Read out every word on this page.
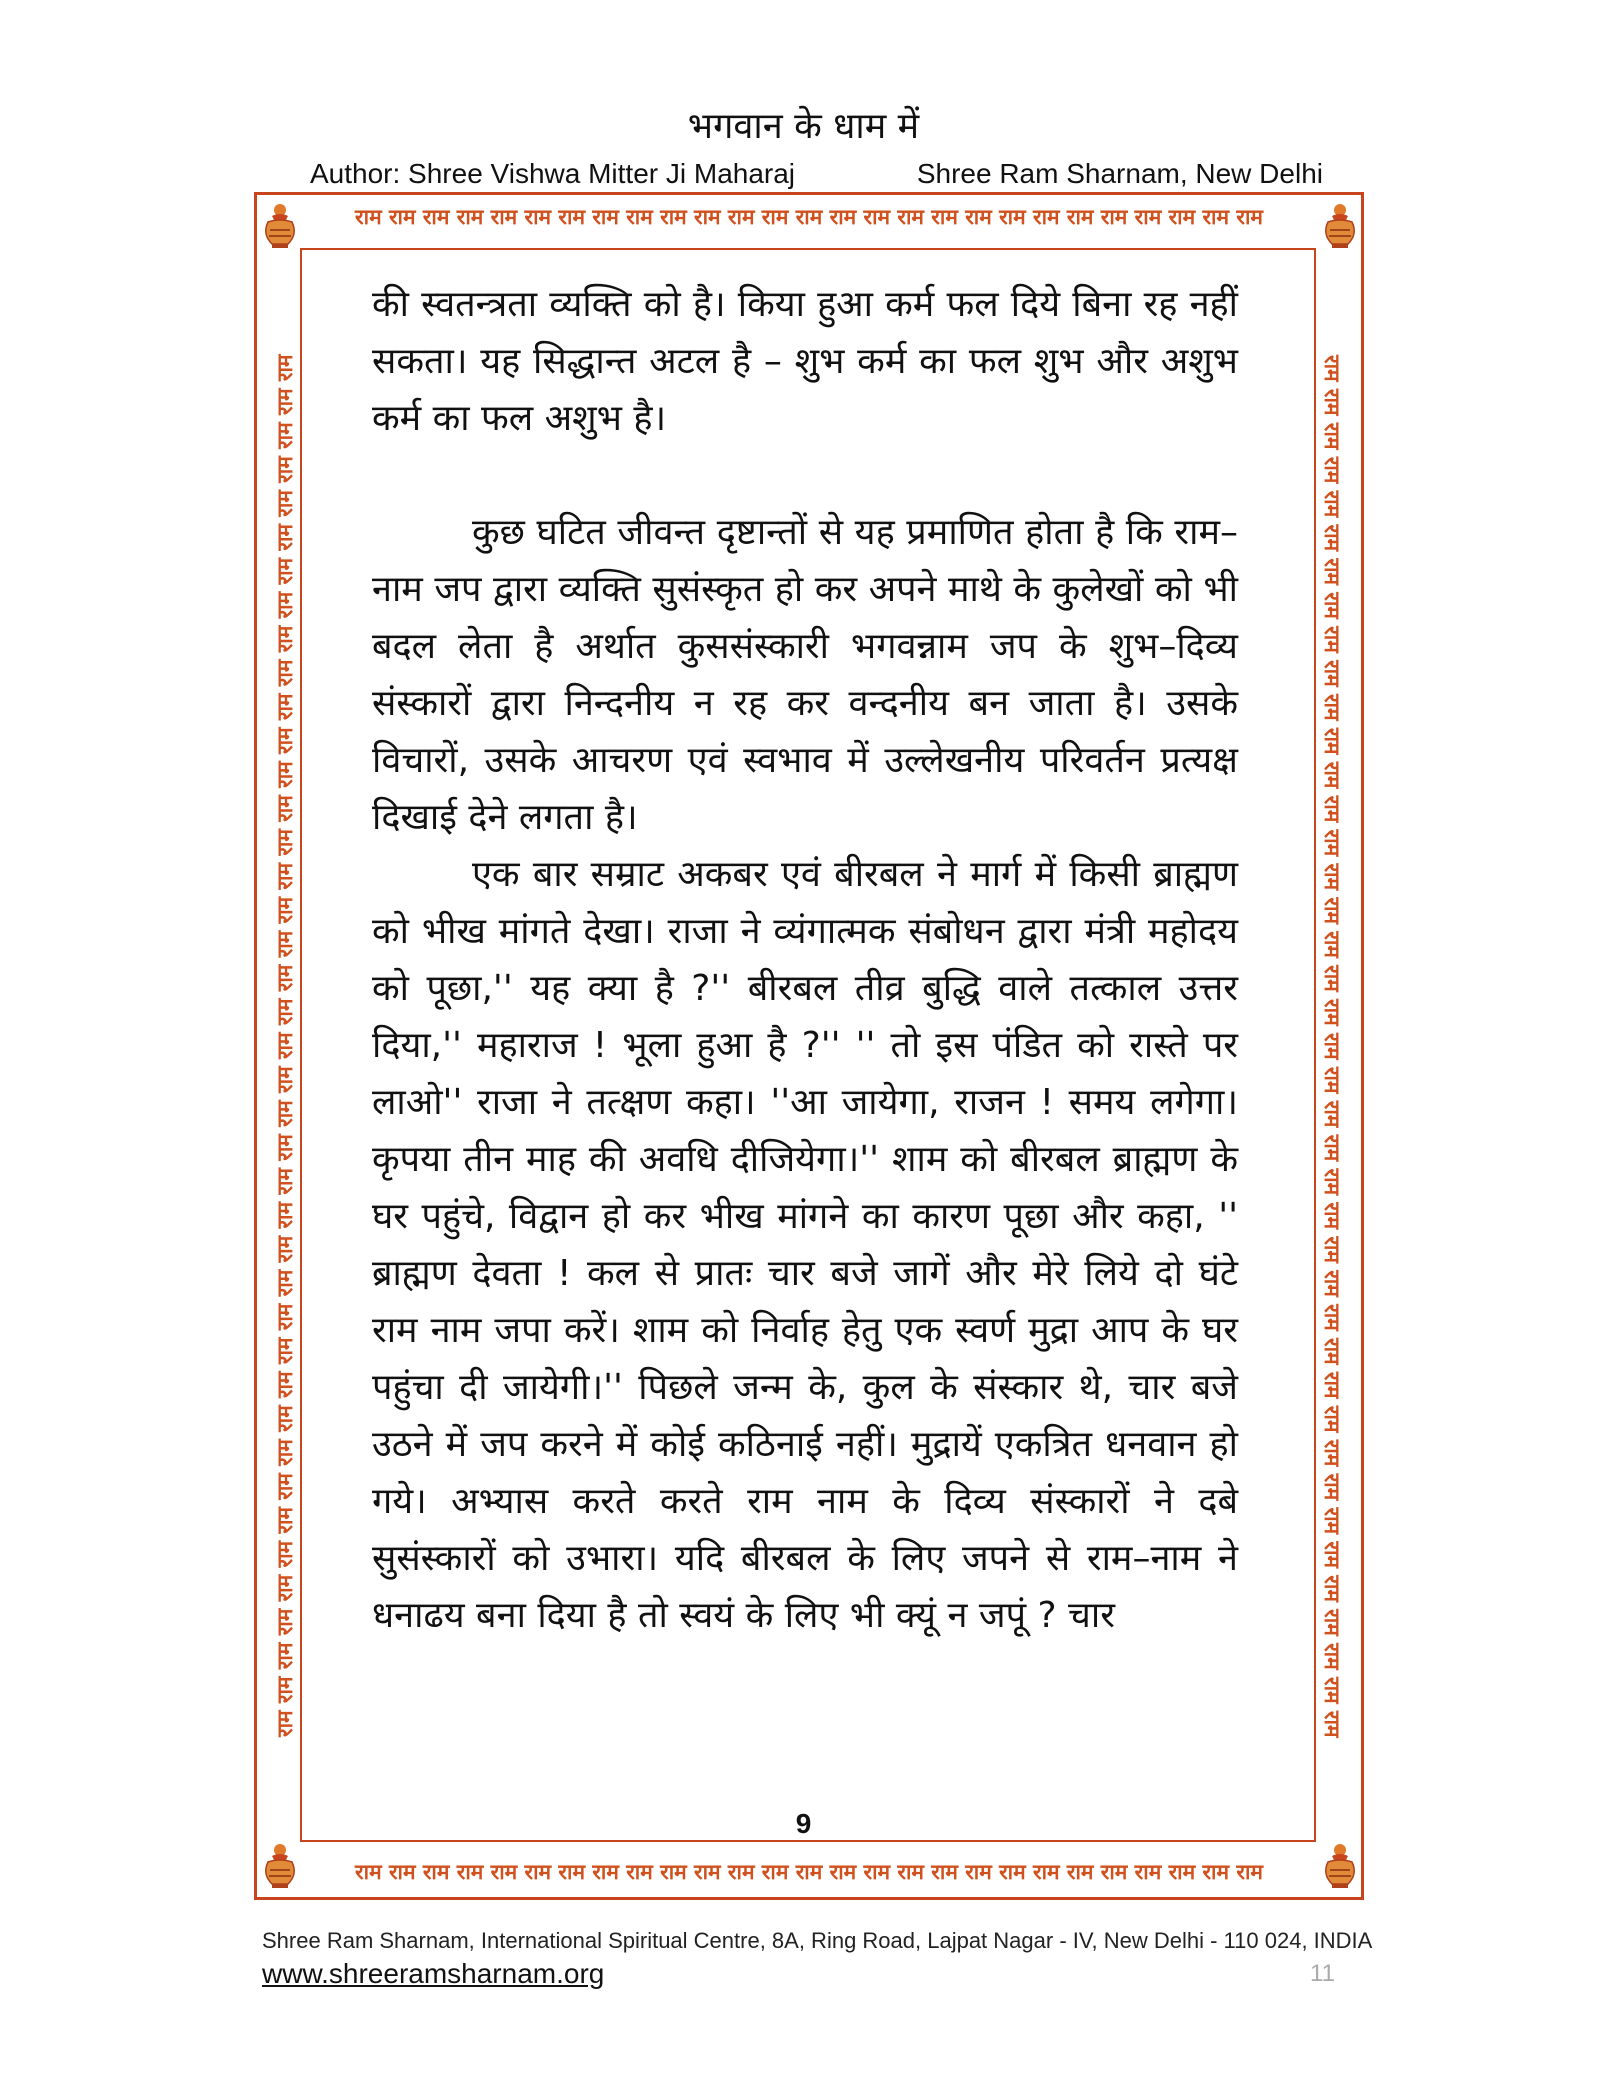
भगवान के धाम में
Author: Shree Vishwa Mitter Ji Maharaj	Shree Ram Sharnam, New Delhi
राम राम राम राम राम राम राम राम राम राम राम राम राम राम राम राम राम राम राम राम राम राम राम राम राम राम राम
राम राम राम राम राम राम राम राम राम राम राम राम राम राम राम राम राम राम राम राम राम राम राम राम राम राम राम
राम राम राम राम राम राम राम राम राम राम राम राम राम राम राम राम राम राम राम राम राम राम राम राम राम राम राम राम राम राम राम राम राम राम राम राम राम राम राम राम राम	राम राम राम राम राम राम राम राम राम राम राम राम राम राम राम राम राम राम राम राम राम राम राम राम राम राम राम राम राम राम राम राम राम राम राम राम राम राम राम राम राम

की स्वतन्त्रता व्यक्ति को है। किया हुआ कर्म फल दिये बिना रह नहीं सकता। यह सिद्धान्त अटल है – शुभ कर्म का फल शुभ और अशुभ कर्म का फल अशुभ है।

कुछ घटित जीवन्त दृष्टान्तों से यह प्रमाणित होता है कि राम–नाम जप द्वारा व्यक्ति सुसंस्कृत हो कर अपने माथे के कुलेखों को भी बदल लेता है अर्थात कुससंस्कारी भगवन्नाम जप के शुभ–दिव्य संस्कारों द्वारा निन्दनीय न रह कर वन्दनीय बन जाता है। उसके विचारों, उसके आचरण एवं स्वभाव में उल्लेखनीय परिवर्तन प्रत्यक्ष दिखाई देने लगता है।

एक बार सम्राट अकबर एवं बीरबल ने मार्ग में किसी ब्राह्मण को भीख मांगते देखा। राजा ने व्यंगात्मक संबोधन द्वारा मंत्री महोदय को पूछा,'' यह क्या है ?'' बीरबल तीव्र बुद्धि वाले तत्काल उत्तर दिया,'' महाराज ! भूला हुआ है ?'' '' तो इस पंडित को रास्ते पर लाओ'' राजा ने तत्क्षण कहा। ''आ जायेगा, राजन ! समय लगेगा। कृपया तीन माह की अवधि दीजियेगा।'' शाम को बीरबल ब्राह्मण के घर पहुंचे, विद्वान हो कर भीख मांगने का कारण पूछा और कहा, '' ब्राह्मण देवता ! कल से प्रातः चार बजे जागें और मेरे लिये दो घंटे राम नाम जपा करें। शाम को निर्वाह हेतु एक स्वर्ण मुद्रा आप के घर पहुंचा दी जायेगी।'' पिछले जन्म के, कुल के संस्कार थे, चार बजे उठने में जप करने में कोई कठिनाई नहीं। मुद्रायें एकत्रित धनवान हो गये। अभ्यास करते करते राम नाम के दिव्य संस्कारों ने दबे सुसंस्कारों को उभारा। यदि बीरबल के लिए जपने से राम–नाम ने धनाढय बना दिया है तो स्वयं के लिए भी क्यूं न जपूं ? चार

9
Shree Ram Sharnam, International Spiritual Centre, 8A, Ring Road, Lajpat Nagar - IV, New Delhi - 110 024, INDIA
www.shreeramsharnam.org	11
